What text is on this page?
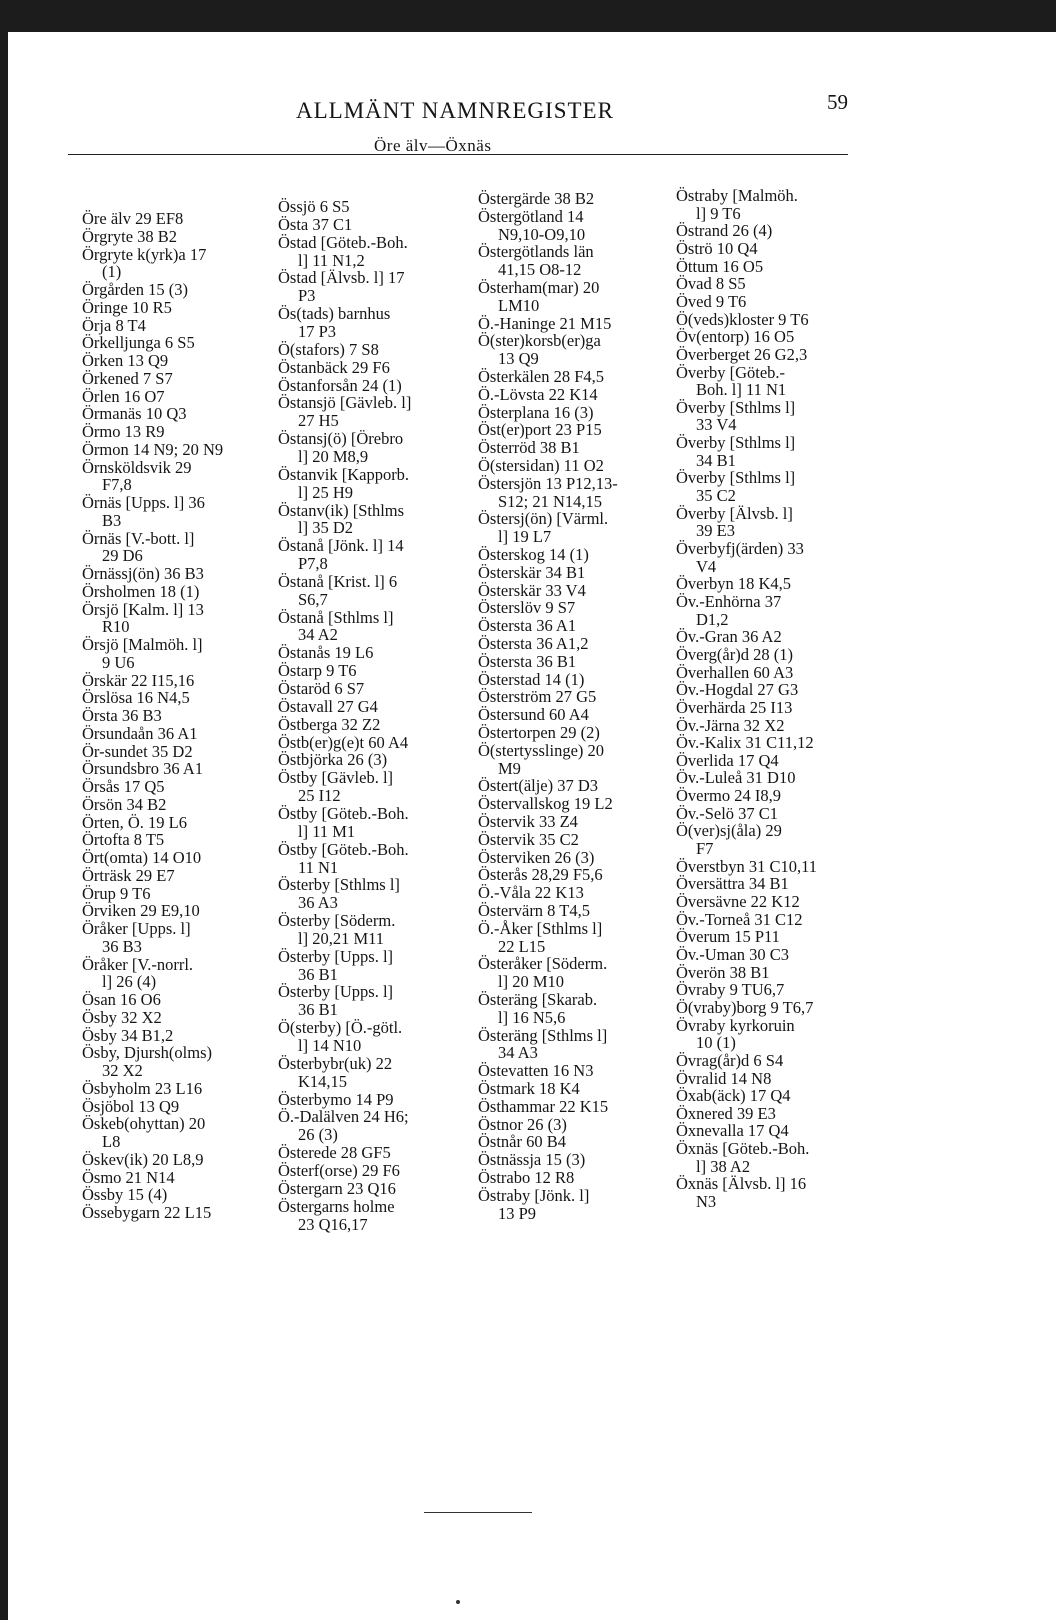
ALLMÄNT NAMNREGISTER	59
Öre älv—Öxnäs
Öre älv 29 EF8
Örgryte 38 B2
Örgryte k(yrk)a 17
(1)
Örgården 15 (3)
Öringe 10 R5
Örja 8 T4
Örkelljunga 6 S5
Örken 13 Q9
Örkened 7 S7
Örlen 16 O7
Örmanäs 10 Q3
Örmo 13 R9
Örmon 14 N9; 20 N9
Örnsköldsvik 29
F7,8
Örnäs [Upps. l] 36
B3
Örnäs [V.-bott. l]
29 D6
Örnässj(ön) 36 B3
Örsholmen 18 (1)
Örsjö [Kalm. l] 13
R10
Örsjö [Malmöh. l]
9 U6
Örskär 22 I15,16
Örslösa 16 N4,5
Örsta 36 B3
Örsundaån 36 A1
Ör-sundet 35 D2
Örsundsbro 36 A1
Örsås 17 Q5
Örsön 34 B2
Örten, Ö. 19 L6
Örtofta 8 T5
Ört(omta) 14 O10
Örträsk 29 E7
Örup 9 T6
Örviken 29 E9,10
Öråker [Upps. l]
36 B3
Öråker [V.-norrl.
l] 26 (4)
Ösan 16 O6
Ösby 32 X2
Ösby 34 B1,2
Ösby, Djursh(olms)
32 X2
Ösbyholm 23 L16
Ösjöbol 13 Q9
Öskeb(ohyttan) 20
L8
Öskev(ik) 20 L8,9
Ösmo 21 N14
Össby 15 (4)
Össebygarn 22 L15
Össjö 6 S5
Östa 37 C1
Östad [Göteb.-Boh.
l] 11 N1,2
Östad [Älvsb. l] 17
P3
Ös(tads) barnhus
17 P3
Ö(stafors) 7 S8
Östanbäck 29 F6
Östanforsån 24 (1)
Östansjö [Gävleb. l]
27 H5
Östansj(ö) [Örebro
l] 20 M8,9
Östanvik [Kapporb.
l] 25 H9
Östanv(ik) [Sthlms
l] 35 D2
Östanå [Jönk. l] 14
P7,8
Östanå [Krist. l] 6
S6,7
Östanå [Sthlms l]
34 A2
Östanås 19 L6
Östarp 9 T6
Östaröd 6 S7
Östavall 27 G4
Östberga 32 Z2
Östb(er)g(e)t 60 A4
Östbjörka 26 (3)
Östby [Gävleb. l]
25 I12
Östby [Göteb.-Boh.
l] 11 M1
Östby [Göteb.-Boh.
11 N1
Österby [Sthlms l]
36 A3
Österby [Söderm.
l] 20,21 M11
Österby [Upps. l]
36 B1
Österby [Upps. l]
36 B1
Ö(sterby) [Ö.-götl.
l] 14 N10
Österbybr(uk) 22
K14,15
Österbymo 14 P9
Ö.-Dalälven 24 H6;
26 (3)
Österede 28 GF5
Österf(orse) 29 F6
Östergarn 23 Q16
Östergarns holme
23 Q16,17
Östergärde 38 B2
Östergötland 14
N9,10-O9,10
Östergötlands län
41,15 O8-12
Österham(mar) 20
LM10
Ö.-Haninge 21 M15
Ö(ster)korsb(er)ga
13 Q9
Österkälen 28 F4,5
Ö.-Lövsta 22 K14
Österplana 16 (3)
Öst(er)port 23 P15
Österröd 38 B1
Ö(stersidan) 11 O2
Östersjön 13 P12,13-
S12; 21 N14,15
Östersj(ön) [Värml.
l] 19 L7
Österskog 14 (1)
Österskär 34 B1
Österskär 33 V4
Österslöv 9 S7
Östersta 36 A1
Östersta 36 A1,2
Östersta 36 B1
Österstad 14 (1)
Österström 27 G5
Östersund 60 A4
Östertorpen 29 (2)
Ö(stertysslinge) 20
M9
Östert(älje) 37 D3
Östervallskog 19 L2
Östervik 33 Z4
Östervik 35 C2
Österviken 26 (3)
Österås 28,29 F5,6
Ö.-Våla 22 K13
Östervärn 8 T4,5
Ö.-Åker [Sthlms l]
22 L15
Österåker [Söderm.
l] 20 M10
Österäng [Skarab.
l] 16 N5,6
Österäng [Sthlms l]
34 A3
Östevatten 16 N3
Östmark 18 K4
Östhammar 22 K15
Östnor 26 (3)
Östnår 60 B4
Östnässja 15 (3)
Östrabo 12 R8
Östraby [Jönk. l]
13 P9
Östraby [Malmöh.
l] 9 T6
Östrand 26 (4)
Öströ 10 Q4
Öttum 16 O5
Övad 8 S5
Öved 9 T6
Ö(veds)kloster 9 T6
Öv(entorp) 16 O5
Överberget 26 G2,3
Överby [Göteb.-
Boh. l] 11 N1
Överby [Sthlms l]
33 V4
Överby [Sthlms l]
34 B1
Överby [Sthlms l]
35 C2
Överby [Älvsb. l]
39 E3
Överbyfj(ärden) 33
V4
Överbyn 18 K4,5
Öv.-Enhörna 37
D1,2
Öv.-Gran 36 A2
Överg(år)d 28 (1)
Överhallen 60 A3
Öv.-Hogdal 27 G3
Överhärda 25 I13
Öv.-Järna 32 X2
Öv.-Kalix 31 C11,12
Överlida 17 Q4
Öv.-Luleå 31 D10
Övermo 24 I8,9
Öv.-Selö 37 C1
Ö(ver)sj(åla) 29
F7
Överstbyn 31 C10,11
Översättra 34 B1
Översävne 22 K12
Öv.-Torneå 31 C12
Överum 15 P11
Öv.-Uman 30 C3
Överön 38 B1
Övraby 9 TU6,7
Ö(vraby)borg 9 T6,7
Övraby kyrkoruin
10 (1)
Övrag(år)d 6 S4
Övralid 14 N8
Öxab(äck) 17 Q4
Öxnered 39 E3
Öxnevalla 17 Q4
Öxnäs [Göteb.-Boh.
l] 38 A2
Öxnäs [Älvsb. l] 16
N3
